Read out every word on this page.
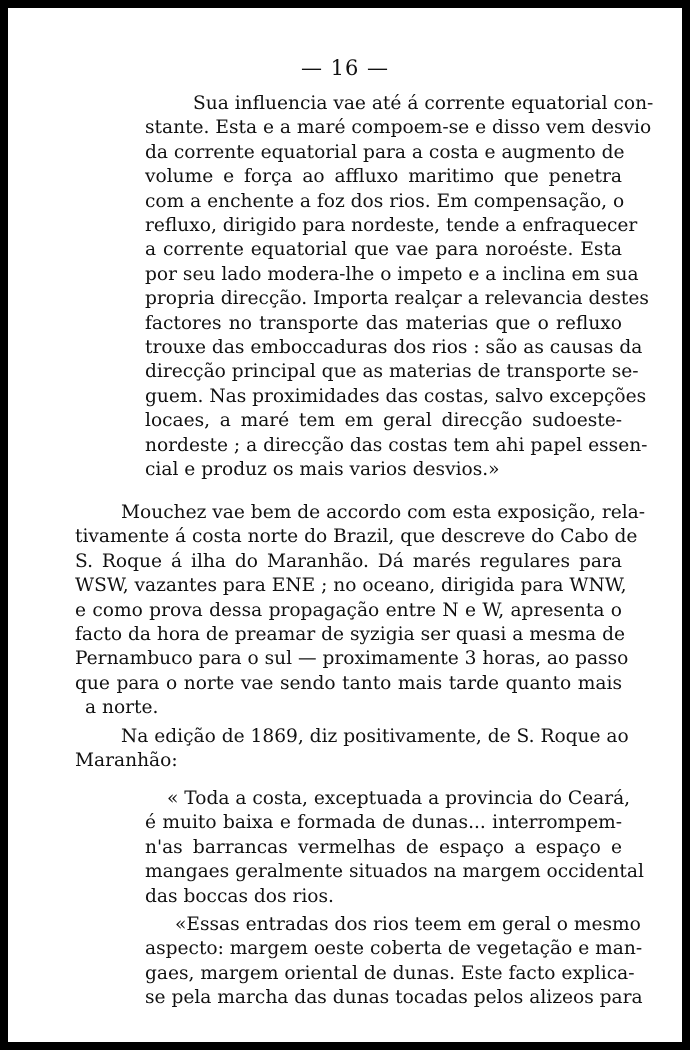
— 16 —
Sua influencia vae até á corrente equatorial con-
stante. Esta e a maré compoem-se e disso vem desvio
da corrente equatorial para a costa e augmento de
volume e força ao affluxo maritimo que penetra
com a enchente a foz dos rios. Em compensação, o
refluxo, dirigido para nordeste, tende a enfraquecer
a corrente equatorial que vae para noroéste. Esta
por seu lado modera-lhe o impeto e a inclina em sua
propria direcção. Importa realçar a relevancia destes
factores no transporte das materias que o refluxo
trouxe das emboccaduras dos rios : são as causas da
direcção principal que as materias de transporte se-
guem. Nas proximidades das costas, salvo excepções
locaes, a maré tem em geral direcção sudoeste-
nordeste ; a direcção das costas tem ahi papel essen-
cial e produz os mais varios desvios.»
Mouchez vae bem de accordo com esta exposição, rela-
tivamente á costa norte do Brazil, que descreve do Cabo de
S. Roque á ilha do Maranhão. Dá marés regulares para
WSW, vazantes para ENE ; no oceano, dirigida para WNW,
e como prova dessa propagação entre N e W, apresenta o
facto da hora de preamar de syzigia ser quasi a mesma de
Pernambuco para o sul — proximamente 3 horas, ao passo
que para o norte vae sendo tanto mais tarde quanto mais
a norte.
Na edição de 1869, diz positivamente, de S. Roque ao
Maranhão:
« Toda a costa, exceptuada a provincia do Ceará,
é muito baixa e formada de dunas... interrompem-
n'as barrancas vermelhas de espaço a espaço e
mangaes geralmente situados na margem occidental
das boccas dos rios.
«Essas entradas dos rios teem em geral o mesmo
aspecto: margem oeste coberta de vegetação e man-
gaes, margem oriental de dunas. Este facto explica-
se pela marcha das dunas tocadas pelos alizeos para
